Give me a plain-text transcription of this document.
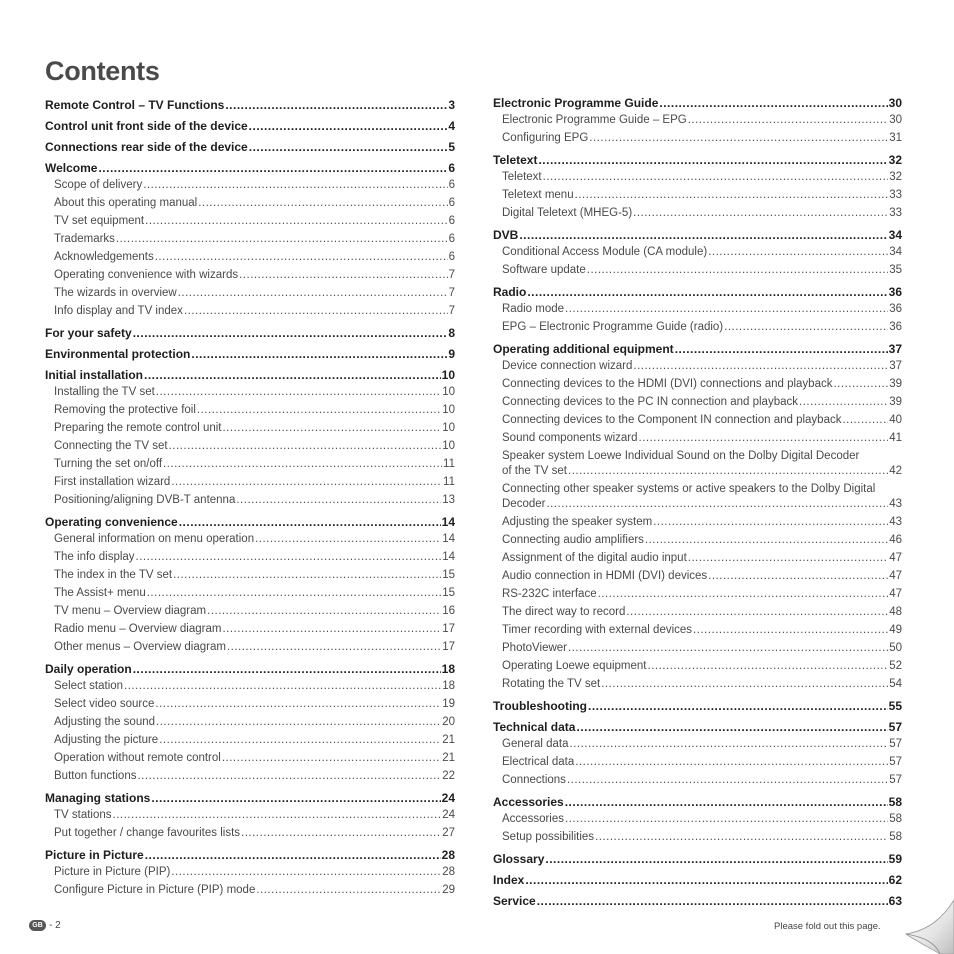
Contents
Remote Control – TV Functions .....	3
Control unit front side of the device .....	4
Connections rear side of the device .....	5
Welcome .....	6
Scope of delivery .....	6
About this operating manual .....	6
TV set equipment .....	6
Trademarks .....	6
Acknowledgements .....	6
Operating convenience with wizards .....	7
The wizards in overview .....	7
Info display and TV index .....	7
For your safety .....	8
Environmental protection .....	9
Initial installation .....	10
Installing the TV set .....	10
Removing the protective foil .....	10
Preparing the remote control unit .....	10
Connecting the TV set .....	10
Turning the set on/off .....	11
First installation wizard .....	11
Positioning/aligning DVB-T antenna .....	13
Operating convenience .....	14
General information on menu operation .....	14
The info display .....	14
The index in the TV set .....	15
The Assist+ menu .....	15
TV menu – Overview diagram .....	16
Radio menu – Overview diagram .....	17
Other menus – Overview diagram .....	17
Daily operation .....	18
Select station .....	18
Select video source .....	19
Adjusting the sound .....	20
Adjusting the picture .....	21
Operation without remote control .....	21
Button functions .....	22
Managing stations .....	24
TV stations .....	24
Put together / change favourites lists .....	27
Picture in Picture .....	28
Picture in Picture (PIP) .....	28
Configure Picture in Picture (PIP) mode .....	29
Electronic Programme Guide .....	30
Electronic Programme Guide – EPG .....	30
Configuring EPG .....	31
Teletext .....	32
Teletext .....	32
Teletext menu .....	33
Digital Teletext (MHEG-5) .....	33
DVB .....	34
Conditional Access Module (CA module) .....	34
Software update .....	35
Radio .....	36
Radio mode .....	36
EPG – Electronic Programme Guide (radio) .....	36
Operating additional equipment .....	37
Device connection wizard .....	37
Connecting devices to the HDMI (DVI) connections and playback .....	39
Connecting devices to the PC IN connection and playback .....	39
Connecting devices to the Component IN connection and playback .....	40
Sound components wizard .....	41
Speaker system Loewe Individual Sound on the Dolby Digital Decoder
of the TV set .....	42
Connecting other speaker systems or active speakers to the Dolby Digital
Decoder .....	43
Adjusting the speaker system .....	43
Connecting audio amplifiers .....	46
Assignment of the digital audio input .....	47
Audio connection in HDMI (DVI) devices .....	47
RS-232C interface .....	47
The direct way to record .....	48
Timer recording with external devices .....	49
PhotoViewer .....	50
Operating Loewe equipment .....	52
Rotating the TV set .....	54
Troubleshooting .....	55
Technical data .....	57
General data .....	57
Electrical data .....	57
Connections .....	57
Accessories .....	58
Accessories .....	58
Setup possibilities .....	58
Glossary .....	59
Index .....	62
Service .....	63
GB - 2	Please fold out this page.
